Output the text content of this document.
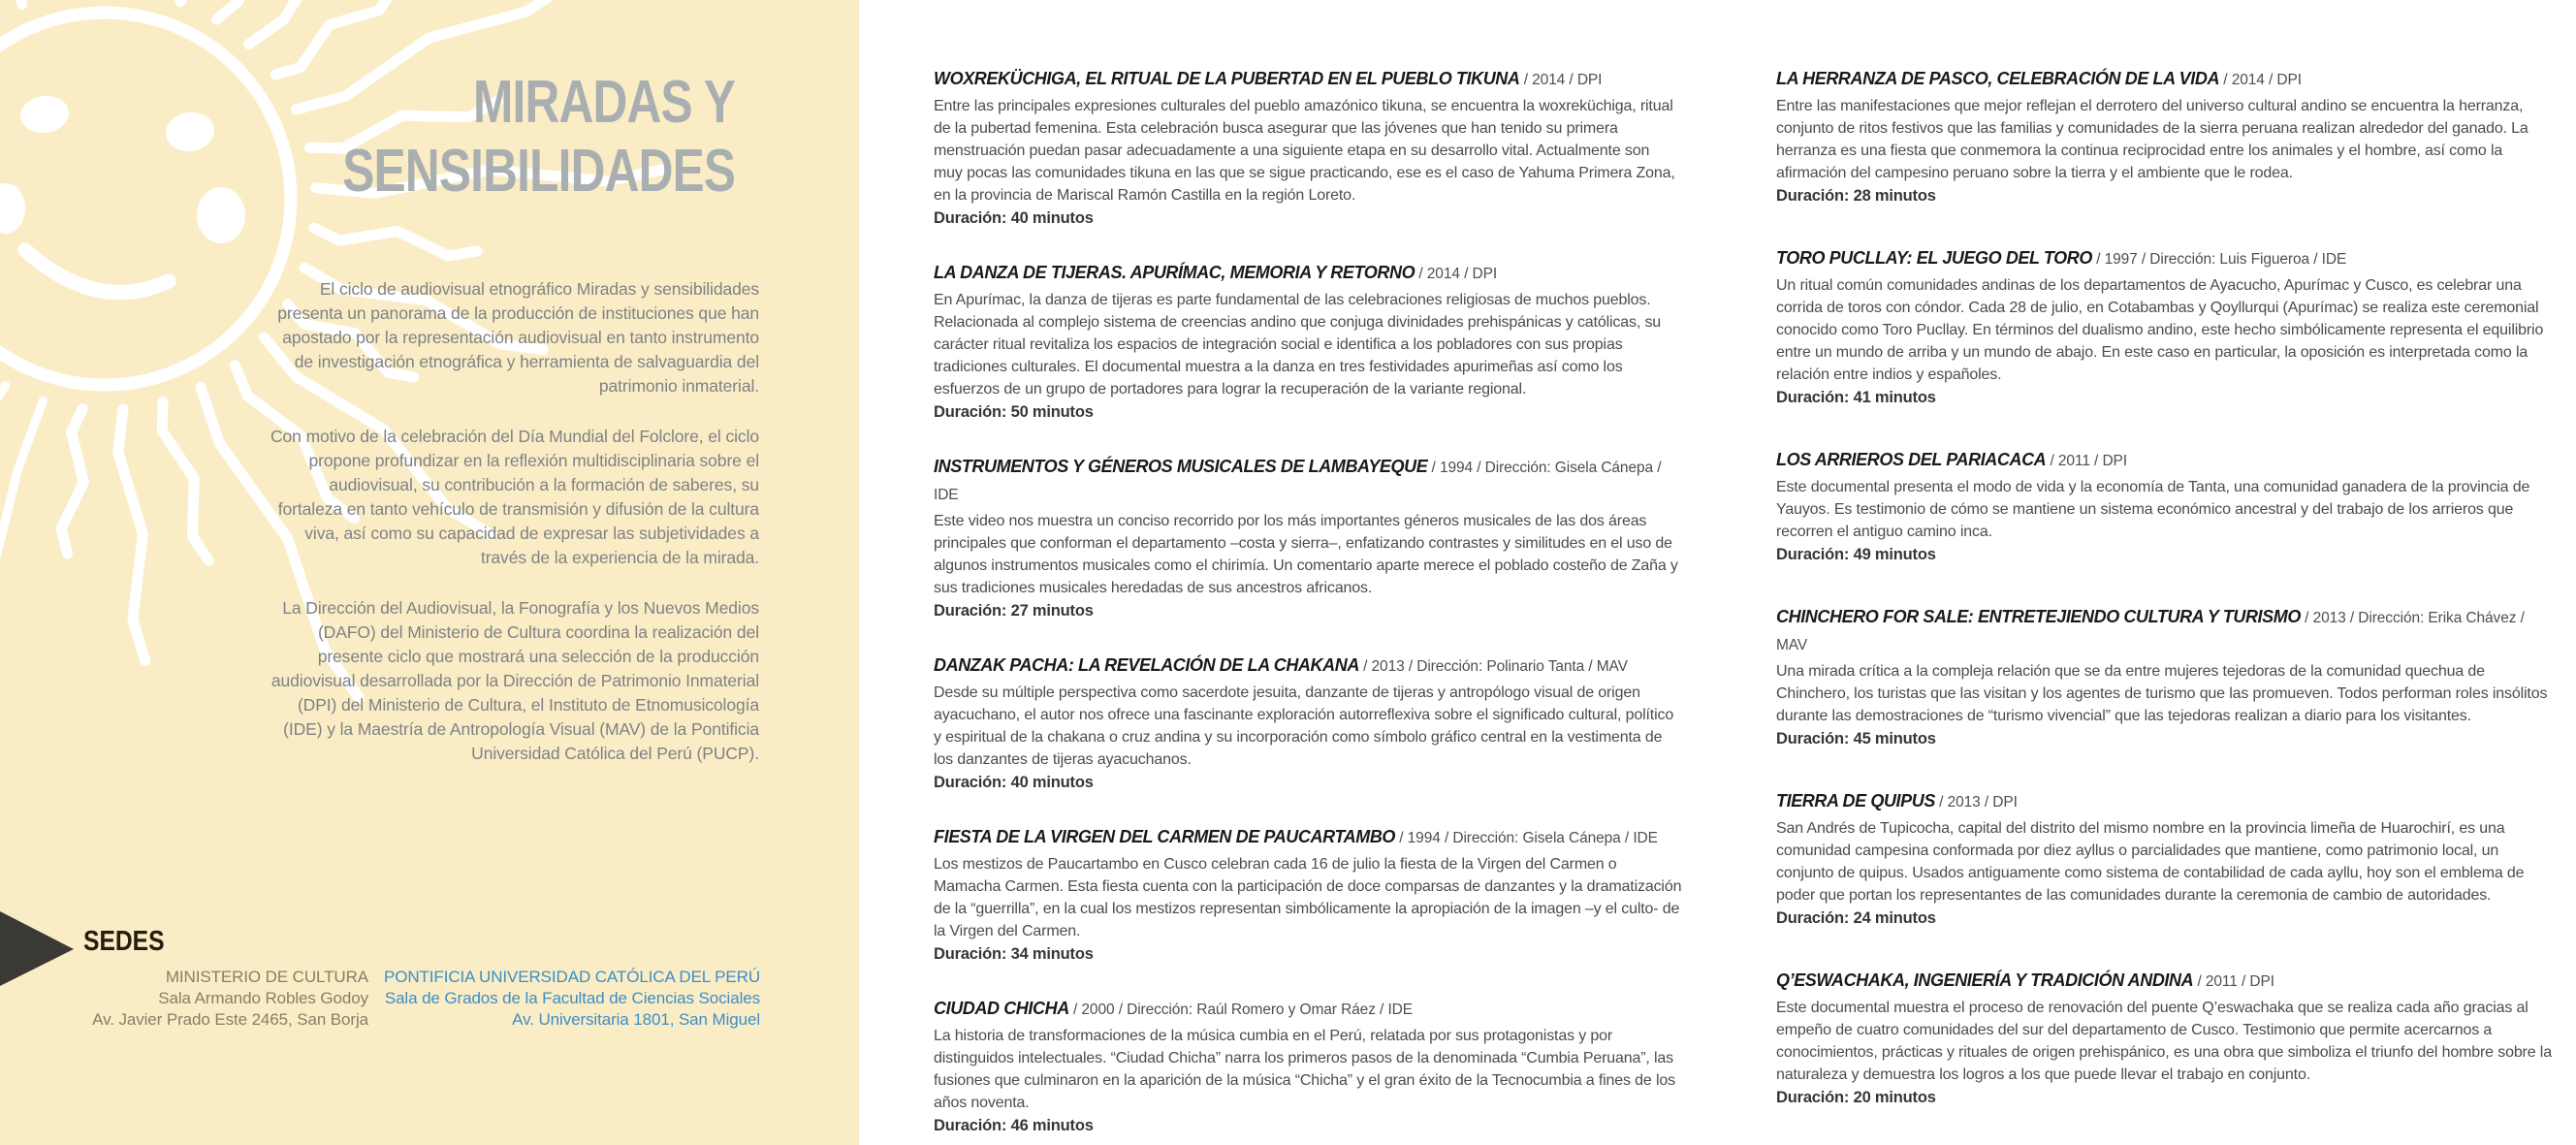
MIRADAS Y
SENSIBILIDADES

El ciclo de audiovisual etnográfico Miradas y sensibilidades presenta un panorama de la producción de instituciones que han apostado por la representación audiovisual en tanto instrumento de investigación etnográfica y herramienta de salvaguardia del patrimonio inmaterial.

Con motivo de la celebración del Día Mundial del Folclore, el ciclo propone profundizar en la reflexión multidisciplinaria sobre el audiovisual, su contribución a la formación de saberes, su fortaleza en tanto vehículo de transmisión y difusión de la cultura viva, así como su capacidad de expresar las subjetividades a través de la experiencia de la mirada.

La Dirección del Audiovisual, la Fonografía y los Nuevos Medios (DAFO) del Ministerio de Cultura coordina la realización del presente ciclo que mostrará una selección de la producción audiovisual desarrollada por la Dirección de Patrimonio Inmaterial (DPI) del Ministerio de Cultura, el Instituto de Etnomusicología (IDE) y la Maestría de Antropología Visual (MAV) de la Pontificia Universidad Católica del Perú (PUCP).

SEDES
MINISTERIO DE CULTURA
Sala Armando Robles Godoy
Av. Javier Prado Este 2465, San Borja
PONTIFICIA UNIVERSIDAD CATÓLICA DEL PERÚ
Sala de Grados de la Facultad de Ciencias Sociales
Av. Universitaria 1801, San Miguel
WOXREKÜCHIGA, EL RITUAL DE LA PUBERTAD EN EL PUEBLO TIKUNA / 2014 / DPI

Entre las principales expresiones culturales del pueblo amazónico tikuna, se encuentra la woxreküchiga, ritual de la pubertad femenina. Esta celebración busca asegurar que las jóvenes que han tenido su primera menstruación puedan pasar adecuadamente a una siguiente etapa en su desarrollo vital. Actualmente son muy pocas las comunidades tikuna en las que se sigue practicando, ese es el caso de Yahuma Primera Zona, en la provincia de Mariscal Ramón Castilla en la región Loreto.

Duración: 40 minutos
LA DANZA DE TIJERAS. APURÍMAC, MEMORIA Y RETORNO / 2014 / DPI

En Apurímac, la danza de tijeras es parte fundamental de las celebraciones religiosas de muchos pueblos. Relacionada al complejo sistema de creencias andino que conjuga divinidades prehispánicas y católicas, su carácter ritual revitaliza los espacios de integración social e identifica a los pobladores con sus propias tradiciones culturales. El documental muestra a la danza en tres festividades apurimeñas así como los esfuerzos de un grupo de portadores para lograr la recuperación de la variante regional.

Duración: 50 minutos
INSTRUMENTOS Y GÉNEROS MUSICALES DE LAMBAYEQUE / 1994 / Dirección: Gisela Cánepa / IDE

Este video nos muestra un conciso recorrido por los más importantes géneros musicales de las dos áreas principales que conforman el departamento –costa y sierra–, enfatizando contrastes y similitudes en el uso de algunos instrumentos musicales como el chirimía. Un comentario aparte merece el poblado costeño de Zaña y sus tradiciones musicales heredadas de sus ancestros africanos.

Duración: 27 minutos
DANZAK PACHA: LA REVELACIÓN DE LA CHAKANA / 2013 / Dirección: Polinario Tanta / MAV

Desde su múltiple perspectiva como sacerdote jesuita, danzante de tijeras y antropólogo visual de origen ayacuchano, el autor nos ofrece una fascinante exploración autorreflexiva sobre el significado cultural, político y espiritual de la chakana o cruz andina y su incorporación como símbolo gráfico central en la vestimenta de los danzantes de tijeras ayacuchanos.

Duración: 40 minutos
FIESTA DE LA VIRGEN DEL CARMEN DE PAUCARTAMBO / 1994 / Dirección: Gisela Cánepa / IDE

Los mestizos de Paucartambo en Cusco celebran cada 16 de julio la fiesta de la Virgen del Carmen o Mamacha Carmen. Esta fiesta cuenta con la participación de doce comparsas de danzantes y la dramatización de la “guerrilla”, en la cual los mestizos representan simbólicamente la apropiación de la imagen –y el culto- de la Virgen del Carmen.

Duración: 34 minutos
CIUDAD CHICHA / 2000 / Dirección: Raúl Romero y Omar Ráez / IDE

La historia de transformaciones de la música cumbia en el Perú, relatada por sus protagonistas y por distinguidos intelectuales. “Ciudad Chicha” narra los primeros pasos de la denominada “Cumbia Peruana”, las fusiones que culminaron en la aparición de la música “Chicha” y el gran éxito de la Tecnocumbia a fines de los años noventa.

Duración: 46 minutos
LA HERRANZA DE PASCO, CELEBRACIÓN DE LA VIDA / 2014 / DPI

Entre las manifestaciones que mejor reflejan el derrotero del universo cultural andino se encuentra la herranza, conjunto de ritos festivos que las familias y comunidades de la sierra peruana realizan alrededor del ganado. La herranza es una fiesta que conmemora la continua reciprocidad entre los animales y el hombre, así como la afirmación del campesino peruano sobre la tierra y el ambiente que le rodea.

Duración: 28 minutos
TORO PUCLLAY: EL JUEGO DEL TORO / 1997 / Dirección: Luis Figueroa / IDE

Un ritual común comunidades andinas de los departamentos de Ayacucho, Apurímac y Cusco, es celebrar una corrida de toros con cóndor. Cada 28 de julio, en Cotabambas y Qoyllurqui (Apurímac) se realiza este ceremonial conocido como Toro Pucllay. En términos del dualismo andino, este hecho simbólicamente representa el equilibrio entre un mundo de arriba y un mundo de abajo. En este caso en particular, la oposición es interpretada como la relación entre indios y españoles.

Duración: 41 minutos
LOS ARRIEROS DEL PARIACACA / 2011 / DPI

Este documental presenta el modo de vida y la economía de Tanta, una comunidad ganadera de la provincia de Yauyos. Es testimonio de cómo se mantiene un sistema económico ancestral y del trabajo de los arrieros que recorren el antiguo camino inca.

Duración: 49 minutos
CHINCHERO FOR SALE: ENTRETEJIENDO CULTURA Y TURISMO / 2013 / Dirección: Erika Chávez / MAV

Una mirada crítica a la compleja relación que se da entre mujeres tejedoras de la comunidad quechua de Chinchero, los turistas que las visitan y los agentes de turismo que las promueven. Todos performan roles insólitos durante las demostraciones de “turismo vivencial” que las tejedoras realizan a diario para los visitantes.

Duración: 45 minutos
TIERRA DE QUIPUS / 2013 / DPI

San Andrés de Tupicocha, capital del distrito del mismo nombre en la provincia limeña de Huarochirí, es una comunidad campesina conformada por diez ayllus o parcialidades que mantiene, como patrimonio local, un conjunto de quipus. Usados antiguamente como sistema de contabilidad de cada ayllu, hoy son el emblema de poder que portan los representantes de las comunidades durante la ceremonia de cambio de autoridades.

Duración: 24 minutos
Q’ESWACHAKA, INGENIERÍA Y TRADICIÓN ANDINA / 2011 / DPI

Este documental muestra el proceso de renovación del puente Q’eswachaka que se realiza cada año gracias al empeño de cuatro comunidades del sur del departamento de Cusco. Testimonio que permite acercarnos a conocimientos, prácticas y rituales de origen prehispánico, es una obra que simboliza el triunfo del hombre sobre la naturaleza y demuestra los logros a los que puede llevar el trabajo en conjunto.

Duración: 20 minutos
